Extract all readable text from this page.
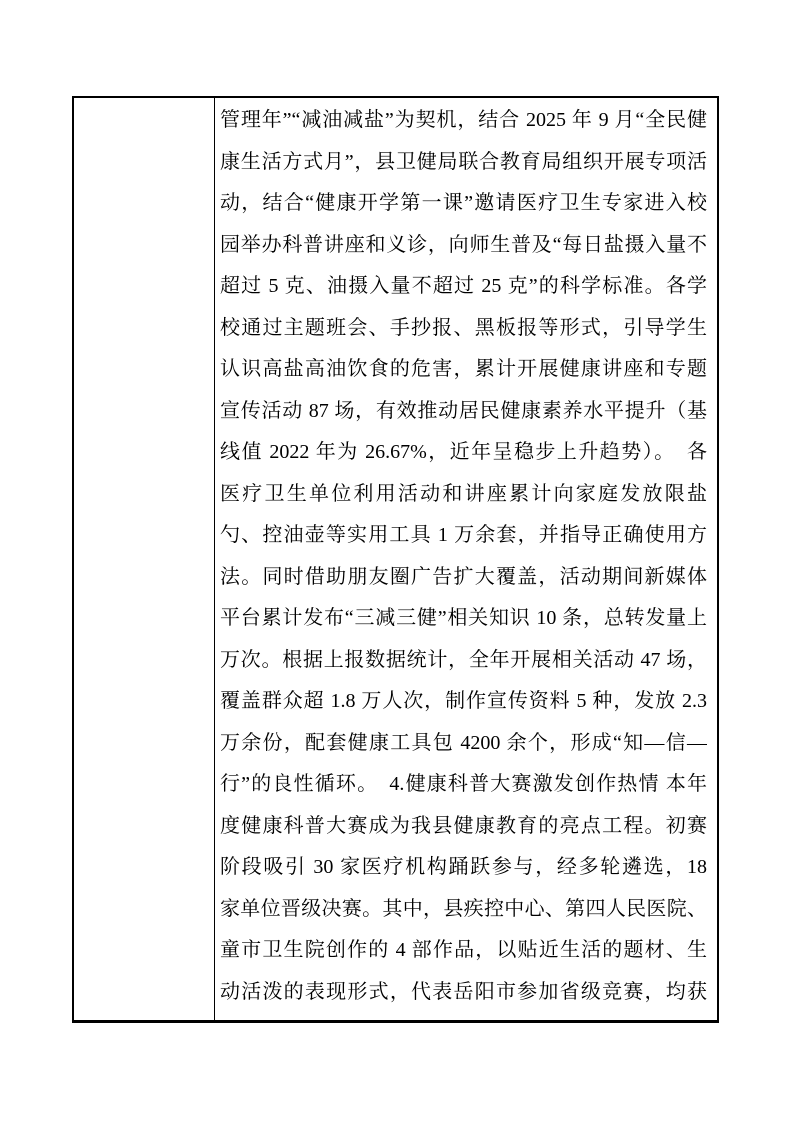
管理年”“减油减盐”为契机，结合 2025 年 9 月“全民健
康生活方式月”，县卫健局联合教育局组织开展专项活
动，结合“健康开学第一课”邀请医疗卫生专家进入校
园举办科普讲座和义诊，向师生普及“每日盐摄入量不
超过 5 克、油摄入量不超过 25 克”的科学标准。各学
校通过主题班会、手抄报、黑板报等形式，引导学生
认识高盐高油饮食的危害，累计开展健康讲座和专题
宣传活动 87 场，有效推动居民健康素养水平提升（基
线值 2022 年为 26.67%，近年呈稳步上升趋势）。　各
医疗卫生单位利用活动和讲座累计向家庭发放限盐
勺、控油壶等实用工具 1 万余套，并指导正确使用方
法。同时借助朋友圈广告扩大覆盖，活动期间新媒体
平台累计发布“三减三健”相关知识 10 条，总转发量上
万次。根据上报数据统计，全年开展相关活动 47 场，
覆盖群众超 1.8 万人次，制作宣传资料 5 种，发放 2.3
万余份，配套健康工具包 4200 余个，形成“知—信—
行”的良性循环。　4.健康科普大赛激发创作热情 本年
度健康科普大赛成为我县健康教育的亮点工程。初赛
阶段吸引 30 家医疗机构踊跃参与，经多轮遴选，18
家单位晋级决赛。其中，县疾控中心、第四人民医院、
童市卫生院创作的 4 部作品，以贴近生活的题材、生
动活泼的表现形式，代表岳阳市参加省级竞赛，均获
